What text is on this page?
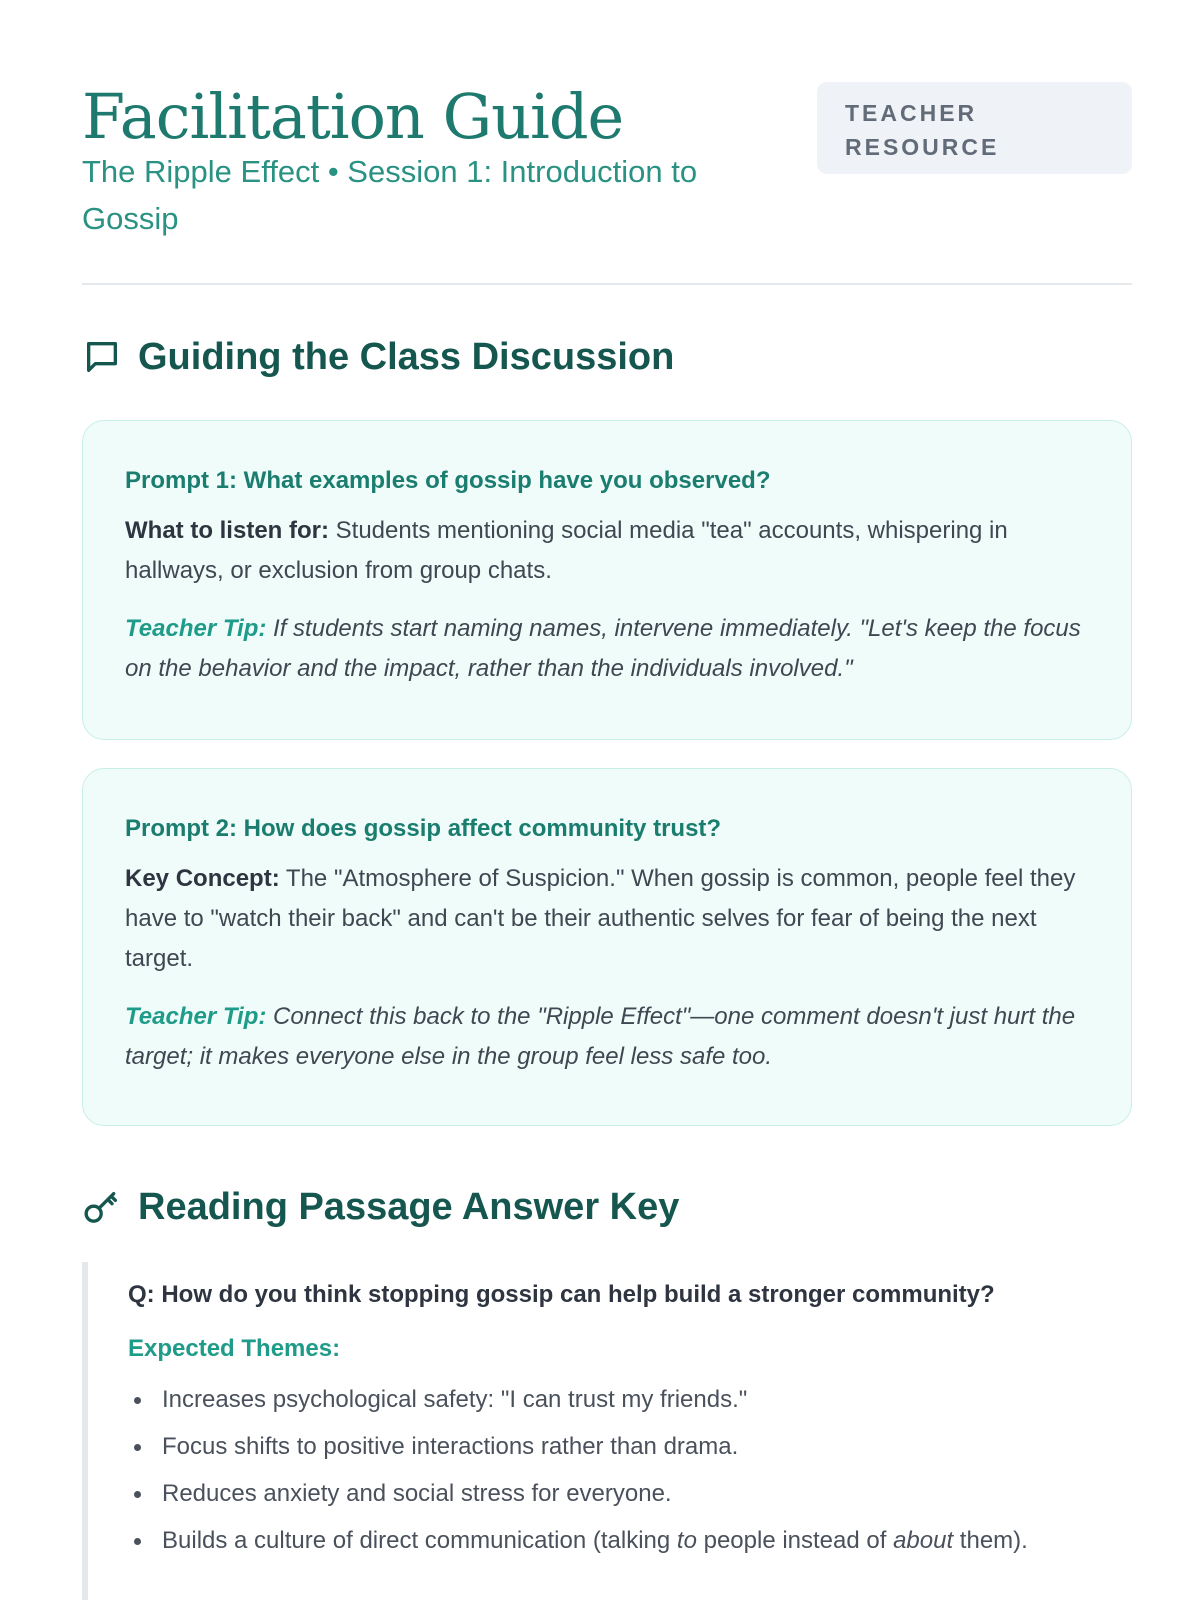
Facilitation Guide
The Ripple Effect • Session 1: Introduction to Gossip
TEACHER
RESOURCE
Guiding the Class Discussion
Prompt 1: What examples of gossip have you observed?
What to listen for: Students mentioning social media "tea" accounts, whispering in hallways, or exclusion from group chats.
Teacher Tip: If students start naming names, intervene immediately. "Let's keep the focus on the behavior and the impact, rather than the individuals involved."
Prompt 2: How does gossip affect community trust?
Key Concept: The "Atmosphere of Suspicion." When gossip is common, people feel they have to "watch their back" and can't be their authentic selves for fear of being the next target.
Teacher Tip: Connect this back to the "Ripple Effect"—one comment doesn't just hurt the target; it makes everyone else in the group feel less safe too.
Reading Passage Answer Key
Q: How do you think stopping gossip can help build a stronger community?
Expected Themes:
Increases psychological safety: "I can trust my friends."
Focus shifts to positive interactions rather than drama.
Reduces anxiety and social stress for everyone.
Builds a culture of direct communication (talking to people instead of about them).
